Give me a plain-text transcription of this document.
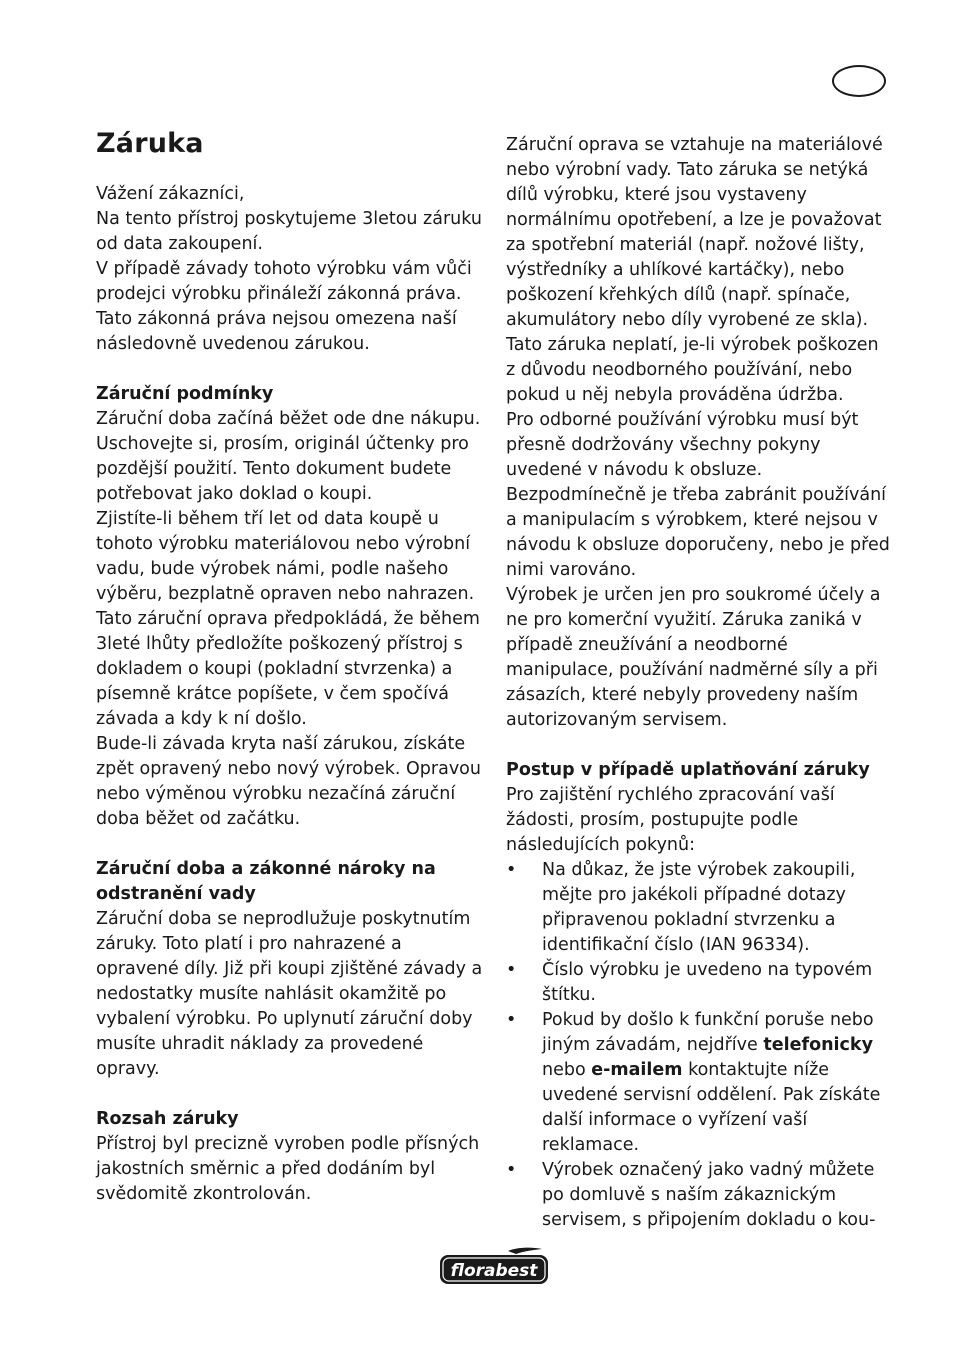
Záruka

Vážení zákazníci,

Na tento přístroj poskytujeme 3letou záruku od data zakoupení.

V případě závady tohoto výrobku vám vůči prodejci výrobku přináleží zákonná práva. Tato zákonná práva nejsou omezena naší následovně uvedenou zárukou.

Záruční podmínky

Záruční doba začíná běžet ode dne nákupu. Uschovejte si, prosím, originál účtenky pro pozdější použití. Tento dokument budete potřebovat jako doklad o koupi.

Zjistíte-li během tří let od data koupě u tohoto výrobku materiálovou nebo výrobní vadu, bude výrobek námi, podle našeho výběru, bezplatně opraven nebo nahrazen. Tato záruční oprava předpokládá, že během 3leté lhůty předložíte poškozený přístroj s dokladem o koupi (pokladní stvrzenka) a písemně krátce popíšete, v čem spočívá závada a kdy k ní došlo.

Bude-li závada kryta naší zárukou, získáte zpět opravený nebo nový výrobek. Opravou nebo výměnou výrobku nezačíná záruční doba běžet od začátku.

Záruční doba a zákonné nároky na odstranění vady

Záruční doba se neprodlužuje poskytnutím záruky. Toto platí i pro nahrazené a opravené díly. Již při koupi zjištěné závady a nedostatky musíte nahlásit okamžitě po vybalení výrobku. Po uplynutí záruční doby musíte uhradit náklady za provedené opravy.

Rozsah záruky

Přístroj byl precizně vyroben podle přísných jakostních směrnic a před dodáním byl svědomitě zkontrolován.

Záruční oprava se vztahuje na materiálové nebo výrobní vady. Tato záruka se netýká dílů výrobku, které jsou vystaveny normálnímu opotřebení, a lze je považovat za spotřební materiál (např. nožové lišty, výstředníky a uhlíkové kartáčky), nebo poškození křehkých dílů (např. spínače, akumulátory nebo díly vyrobené ze skla).

Tato záruka neplatí, je-li výrobek poškozen z důvodu neodborného používání, nebo pokud u něj nebyla prováděna údržba.

Pro odborné používání výrobku musí být přesně dodržovány všechny pokyny uvedené v návodu k obsluze. Bezpodmínečně je třeba zabránit používání a manipulacím s výrobkem, které nejsou v návodu k obsluze doporučeny, nebo je před nimi varováno.

Výrobek je určen jen pro soukromé účely a ne pro komerční využití. Záruka zaniká v případě zneužívání a neodborné manipulace, používání nadměrné síly a při zásazích, které nebyly provedeny naším autorizovaným servisem.

Postup v případě uplatňování záruky

Pro zajištění rychlého zpracování vaší žádosti, prosím, postupujte podle následujících pokynů:

• Na důkaz, že jste výrobek zakoupili, mějte pro jakékoli případné dotazy připravenou pokladní stvrzenku a identifikační číslo (IAN 96334).
• Číslo výrobku je uvedeno na typovém štítku.
• Pokud by došlo k funkční poruše nebo jiným závadám, nejdříve telefonicky nebo e-mailem kontaktujte níže uvedené servisní oddělení. Pak získáte další informace o vyřízení vaší reklamace.
• Výrobek označený jako vadný můžete po domluvě s naším zákaznickým servisem, s připojením dokladu o kou-
florabest
